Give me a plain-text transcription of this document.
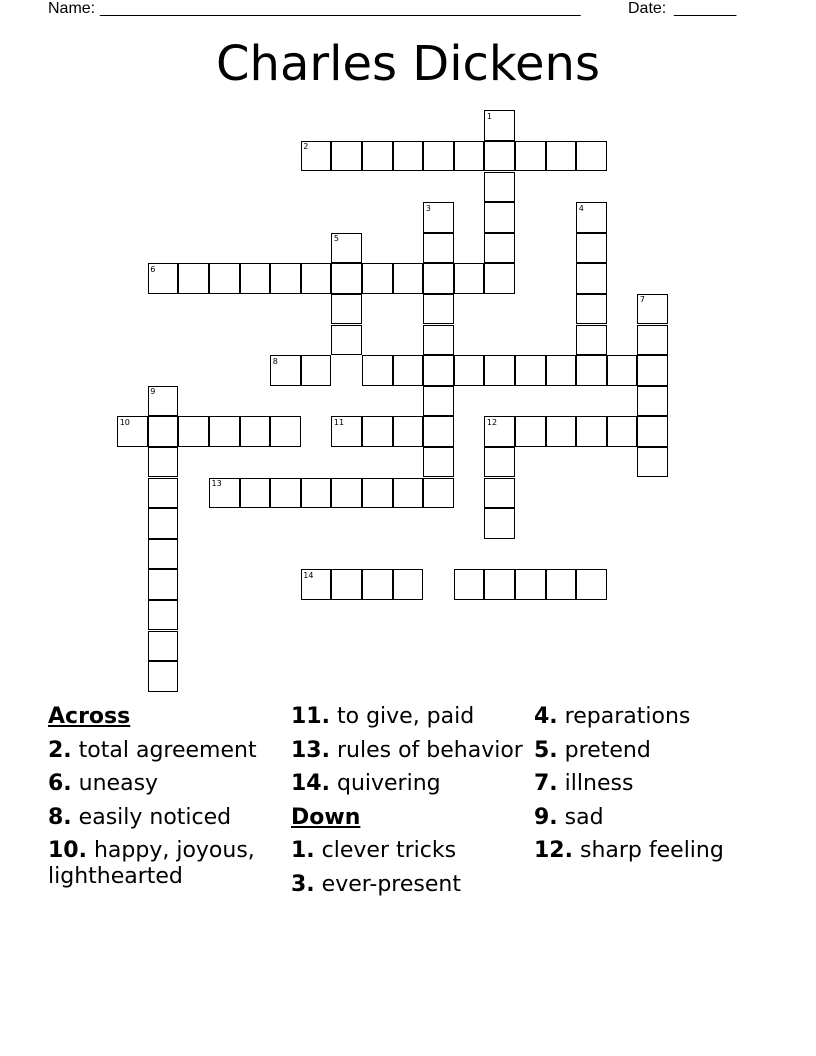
Name: ______________________________________________________	Date: _______
Charles Dickens
1
2
3	4
5
6
7
8
9
10	11	12
13
14
Across
2. total agreement
6. uneasy
8. easily noticed
10. happy, joyous, lighthearted
11. to give, paid
13. rules of behavior
14. quivering
Down
1. clever tricks
3. ever-present
4. reparations
5. pretend
7. illness
9. sad
12. sharp feeling
